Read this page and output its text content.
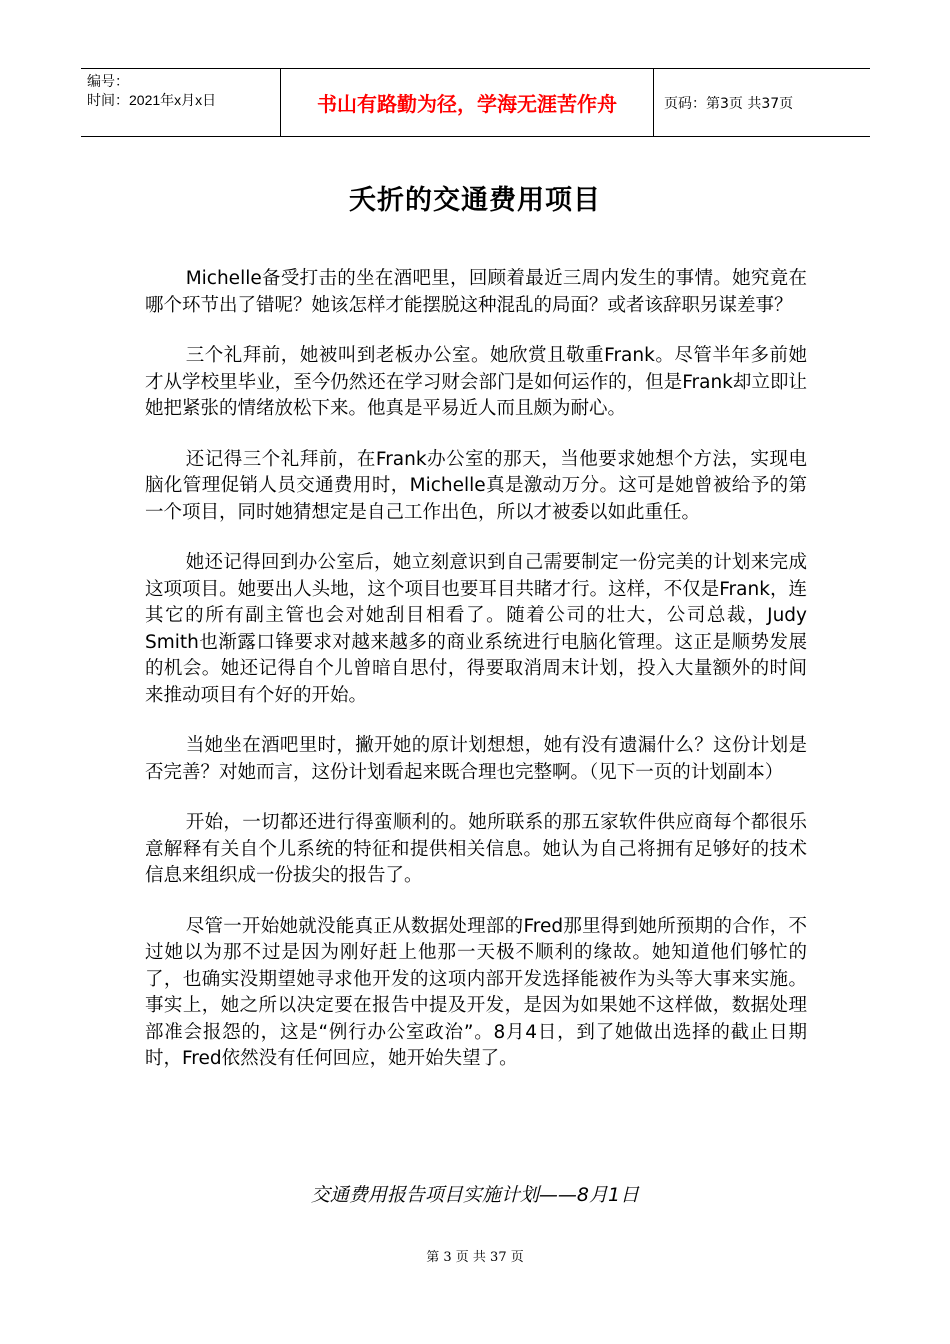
编号：
时间：2021年x月x日	书山有路勤为径，学海无涯苦作舟	页码：第3页 共37页
夭折的交通费用项目

Michelle备受打击的坐在酒吧里，回顾着最近三周内发生的事情。她究竟在哪个环节出了错呢？她该怎样才能摆脱这种混乱的局面？或者该辞职另谋差事？

三个礼拜前，她被叫到老板办公室。她欣赏且敬重Frank。尽管半年多前她才从学校里毕业，至今仍然还在学习财会部门是如何运作的，但是Frank却立即让她把紧张的情绪放松下来。他真是平易近人而且颇为耐心。

还记得三个礼拜前，在Frank办公室的那天，当他要求她想个方法，实现电脑化管理促销人员交通费用时，Michelle真是激动万分。这可是她曾被给予的第一个项目，同时她猜想定是自己工作出色，所以才被委以如此重任。

她还记得回到办公室后，她立刻意识到自己需要制定一份完美的计划来完成这项项目。她要出人头地，这个项目也要耳目共睹才行。这样，不仅是Frank，连其它的所有副主管也会对她刮目相看了。随着公司的壮大，公司总裁，Judy Smith也渐露口锋要求对越来越多的商业系统进行电脑化管理。这正是顺势发展的机会。她还记得自个儿曾暗自思付，得要取消周末计划，投入大量额外的时间来推动项目有个好的开始。

当她坐在酒吧里时，撇开她的原计划想想，她有没有遗漏什么？这份计划是否完善？对她而言，这份计划看起来既合理也完整啊。（见下一页的计划副本）

开始，一切都还进行得蛮顺利的。她所联系的那五家软件供应商每个都很乐意解释有关自个儿系统的特征和提供相关信息。她认为自己将拥有足够好的技术信息来组织成一份拔尖的报告了。

尽管一开始她就没能真正从数据处理部的Fred那里得到她所预期的合作，不过她以为那不过是因为刚好赶上他那一天极不顺利的缘故。她知道他们够忙的了，也确实没期望她寻求他开发的这项内部开发选择能被作为头等大事来实施。事实上，她之所以决定要在报告中提及开发，是因为如果她不这样做，数据处理部准会报怨的，这是“例行办公室政治”。8月4日，到了她做出选择的截止日期时，Fred依然没有任何回应，她开始失望了。

交通费用报告项目实施计划——8月1日
第 3 页 共 37 页
